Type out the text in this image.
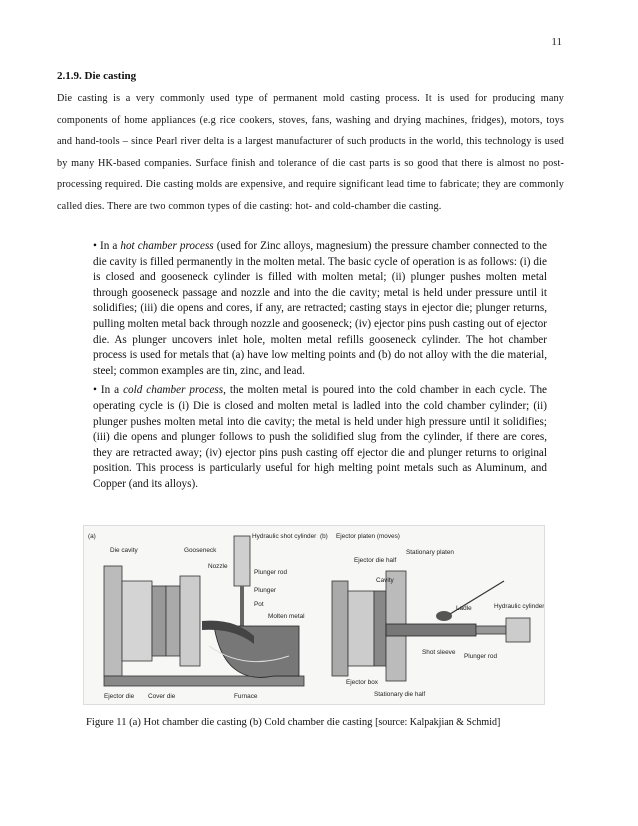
11
2.1.9. Die casting
Die casting is a very commonly used type of permanent mold casting process. It is used for producing many components of home appliances (e.g rice cookers, stoves, fans, washing and drying machines, fridges), motors, toys and hand-tools – since Pearl river delta is a largest manufacturer of such products in the world, this technology is used by many HK-based companies. Surface finish and tolerance of die cast parts is so good that there is almost no post-processing required. Die casting molds are expensive, and require significant lead time to fabricate; they are commonly called dies. There are two common types of die casting: hot- and cold-chamber die casting.
• In a hot chamber process (used for Zinc alloys, magnesium) the pressure chamber connected to the die cavity is filled permanently in the molten metal. The basic cycle of operation is as follows: (i) die is closed and gooseneck cylinder is filled with molten metal; (ii) plunger pushes molten metal through gooseneck passage and nozzle and into the die cavity; metal is held under pressure until it solidifies; (iii) die opens and cores, if any, are retracted; casting stays in ejector die; plunger returns, pulling molten metal back through nozzle and gooseneck; (iv) ejector pins push casting out of ejector die. As plunger uncovers inlet hole, molten metal refills gooseneck cylinder. The hot chamber process is used for metals that (a) have low melting points and (b) do not alloy with the die material, steel; common examples are tin, zinc, and lead.
• In a cold chamber process, the molten metal is poured into the cold chamber in each cycle. The operating cycle is (i) Die is closed and molten metal is ladled into the cold chamber cylinder; (ii) plunger pushes molten metal into die cavity; the metal is held under high pressure until it solidifies; (iii) die opens and plunger follows to push the solidified slug from the cylinder, if there are cores, they are retracted away; (iv) ejector pins push casting off ejector die and plunger returns to original position. This process is particularly useful for high melting point metals such as Aluminum, and Copper (and its alloys).
(a)
Die cavity	Gooseneck
Hydraulic shot cylinder
Nozzle
Plunger rod
Plunger
Pot
Molten metal
Ejector die Cover die	Furnace
(b) Ejector platen (moves)
Stationary platen
Ejector die half
Cavity
Ladle	Hydraulic cylinder
Shot sleeve
Plunger rod
Ejector box
Stationary die half
Figure 11 (a) Hot chamber die casting (b) Cold chamber die casting [source: Kalpakjian & Schmid]
